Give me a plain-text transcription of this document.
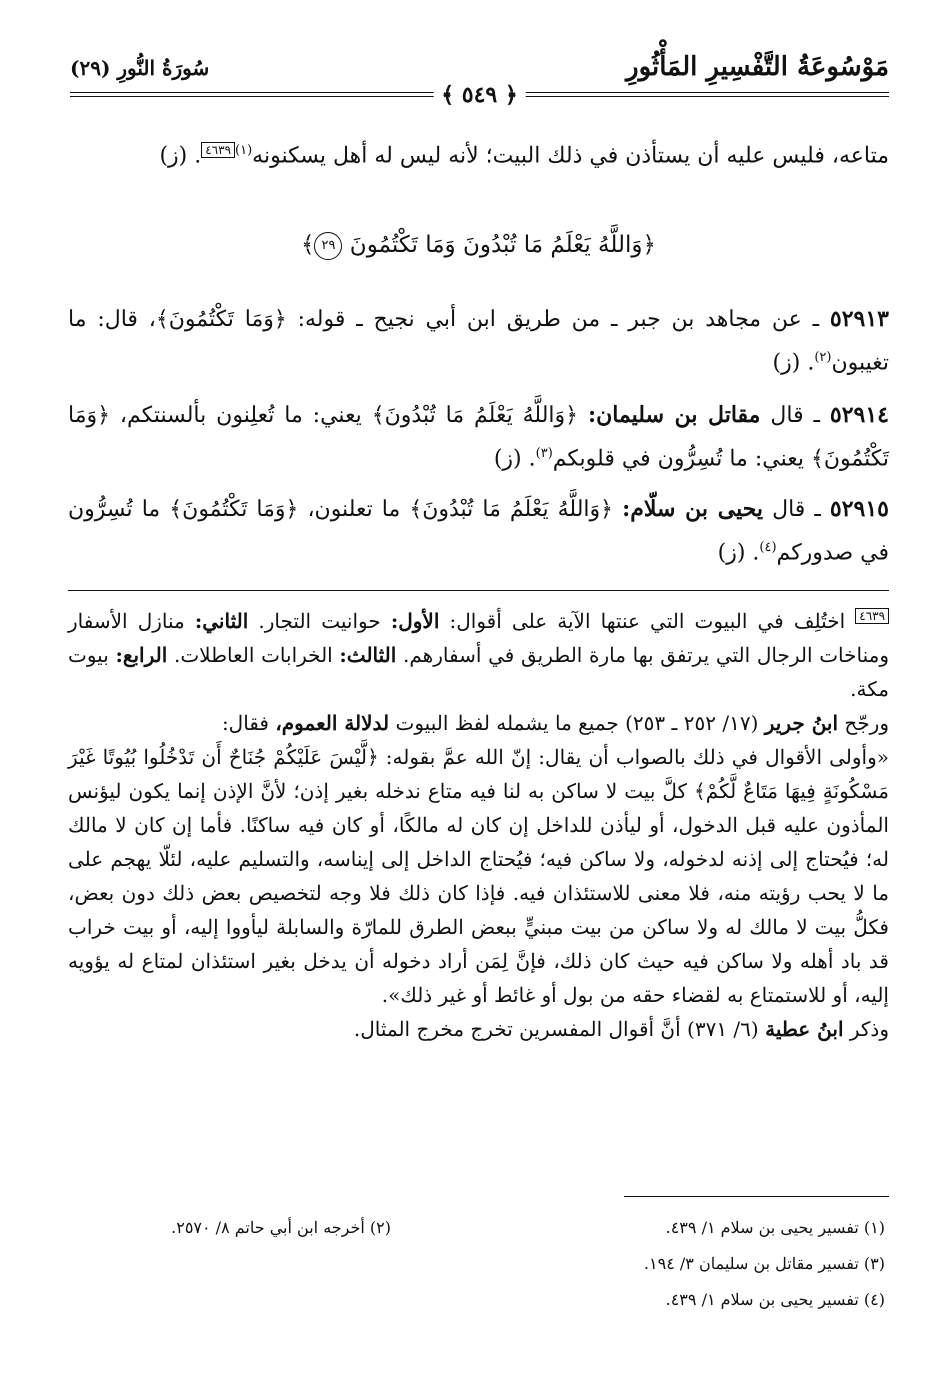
مَوْسُوعَةُ التَّفْسِيرِ المَأْثُورِ
سُورَةُ النُّورِ (٢٩)
﴿ ٥٤٩ ﴾
متاعه، فليس عليه أن يستأذن في ذلك البيت؛ لأنه ليس له أهل يسكنونه$^{(١)}$٤٦٣٩. (ز)
﴿وَاللَّهُ يَعْلَمُ مَا تُبْدُونَ وَمَا تَكْتُمُونَ ٢٩﴾
٥٢٩١٣ ـ عن مجاهد بن جبر ـ من طريق ابن أبي نجيح ـ قوله: ﴿وَمَا تَكْتُمُونَ﴾، قال: ما تغيبون$^{(٢)}$. (ز)
٥٢٩١٤ ـ قال مقاتل بن سليمان: ﴿وَاللَّهُ يَعْلَمُ مَا تُبْدُونَ﴾ يعني: ما تُعلِنون بألسنتكم، ﴿وَمَا تَكْتُمُونَ﴾ يعني: ما تُسِرُّون في قلوبكم$^{(٣)}$. (ز)
٥٢٩١٥ ـ قال يحيى بن سلّام: ﴿وَاللَّهُ يَعْلَمُ مَا تُبْدُونَ﴾ ما تعلنون، ﴿وَمَا تَكْتُمُونَ﴾ ما تُسِرُّون في صدوركم$^{(٤)}$. (ز)
٤٦٣٩ اختُلِف في البيوت التي عنتها الآية على أقوال: الأول: حوانيت التجار. الثاني: منازل الأسفار ومناخات الرجال التي يرتفق بها مارة الطريق في أسفارهم. الثالث: الخرابات العاطلات. الرابع: بيوت مكة.
ورجّح ابنُ جرير (١٧/ ٢٥٢ ـ ٢٥٣) جميع ما يشمله لفظ البيوت لدلالة العموم، فقال:
«وأولى الأقوال في ذلك بالصواب أن يقال: إنّ الله عمَّ بقوله: ﴿لَّيْسَ عَلَيْكُمْ جُنَاحٌ أَن تَدْخُلُوا بُيُوتًا غَيْرَ مَسْكُونَةٍ فِيهَا مَتَاعٌ لَّكُمْ﴾ كلَّ بيت لا ساكن به لنا فيه متاع ندخله بغير إذن؛ لأنَّ الإذن إنما يكون ليؤنس المأذون عليه قبل الدخول، أو ليأذن للداخل إن كان له مالكًا، أو كان فيه ساكنًا. فأما إن كان لا مالك له؛ فيُحتاج إلى إذنه لدخوله، ولا ساكن فيه؛ فيُحتاج الداخل إلى إيناسه، والتسليم عليه، لئلّا يهجم على ما لا يحب رؤيته منه، فلا معنى للاستئذان فيه. فإذا كان ذلك فلا وجه لتخصيص بعض ذلك دون بعض، فكلُّ بيت لا مالك له ولا ساكن من بيت مبنيٍّ ببعض الطرق للمارّة والسابلة ليأووا إليه، أو بيت خراب قد باد أهله ولا ساكن فيه حيث كان ذلك، فإنَّ لِمَن أراد دخوله أن يدخل بغير استئذان لمتاع له يؤويه إليه، أو للاستمتاع به لقضاء حقه من بول أو غائط أو غير ذلك».
وذكر ابنُ عطية (٦/ ٣٧١) أنَّ أقوال المفسرين تخرج مخرج المثال.
(١) تفسير يحيى بن سلام ١/ ٤٣٩.
(٢) أخرجه ابن أبي حاتم ٨/ ٢٥٧٠.
(٣) تفسير مقاتل بن سليمان ٣/ ١٩٤.
(٤) تفسير يحيى بن سلام ١/ ٤٣٩.
